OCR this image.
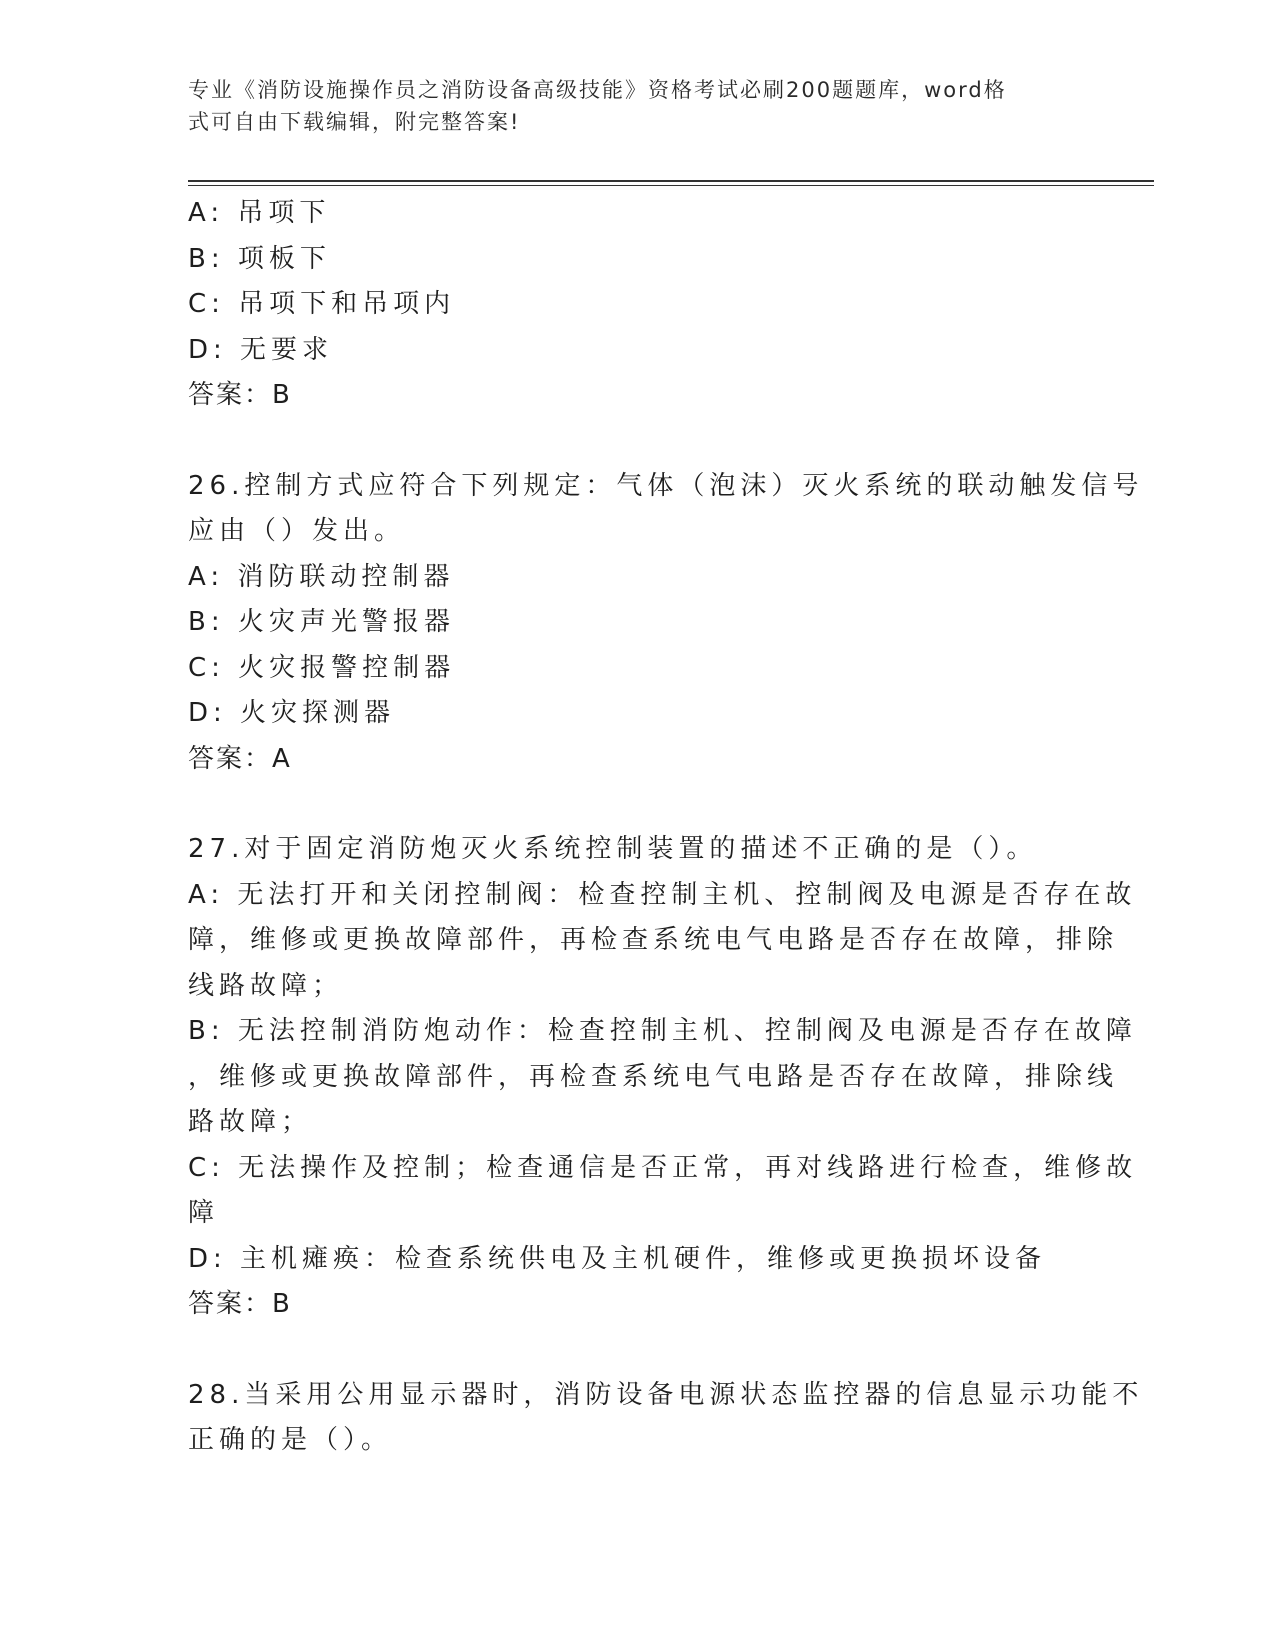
专业《消防设施操作员之消防设备高级技能》资格考试必刷200题题库，word格
式可自由下载编辑，附完整答案!
A: 吊项下
B: 项板下
C: 吊项下和吊项内
D: 无要求
答案：B
26.控制方式应符合下列规定：气体（泡沫）灭火系统的联动触发信号
应由（）发出。
A: 消防联动控制器
B: 火灾声光警报器
C: 火灾报警控制器
D: 火灾探测器
答案：A
27.对于固定消防炮灭火系统控制装置的描述不正确的是（）。
A: 无法打开和关闭控制阀：检查控制主机、控制阀及电源是否存在故
障，维修或更换故障部件，再检查系统电气电路是否存在故障，排除
线路故障；
B: 无法控制消防炮动作：检查控制主机、控制阀及电源是否存在故障
，维修或更换故障部件，再检查系统电气电路是否存在故障，排除线
路故障；
C: 无法操作及控制；检查通信是否正常，再对线路进行检查，维修故
障
D: 主机瘫痪：检查系统供电及主机硬件，维修或更换损坏设备
答案：B
28.当采用公用显示器时，消防设备电源状态监控器的信息显示功能不
正确的是（）。
